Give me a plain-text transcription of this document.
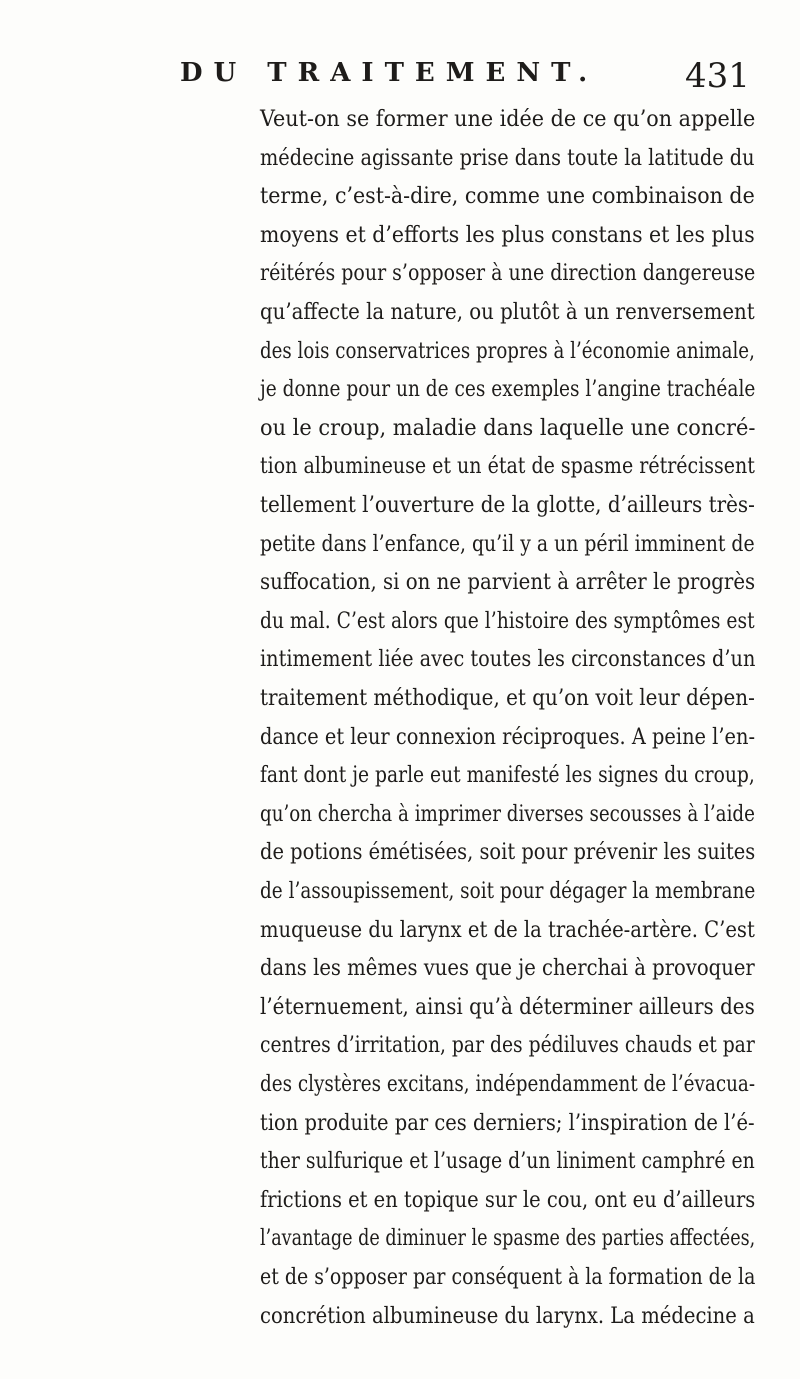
DU TRAITEMENT.	431
Veut-on se former une idée de ce qu’on appelle
médecine agissante prise dans toute la latitude du
terme, c’est-à-dire, comme une combinaison de
moyens et d’efforts les plus constans et les plus
réitérés pour s’opposer à une direction dangereuse
qu’affecte la nature, ou plutôt à un renversement
des lois conservatrices propres à l’économie animale,
je donne pour un de ces exemples l’angine trachéale
ou le croup, maladie dans laquelle une concré-
tion albumineuse et un état de spasme rétrécissent
tellement l’ouverture de la glotte, d’ailleurs très-
petite dans l’enfance, qu’il y a un péril imminent de
suffocation, si on ne parvient à arrêter le progrès
du mal. C’est alors que l’histoire des symptômes est
intimement liée avec toutes les circonstances d’un
traitement méthodique, et qu’on voit leur dépen-
dance et leur connexion réciproques. A peine l’en-
fant dont je parle eut manifesté les signes du croup,
qu’on chercha à imprimer diverses secousses à l’aide
de potions émétisées, soit pour prévenir les suites
de l’assoupissement, soit pour dégager la membrane
muqueuse du larynx et de la trachée-artère. C’est
dans les mêmes vues que je cherchai à provoquer
l’éternuement, ainsi qu’à déterminer ailleurs des
centres d’irritation, par des pédiluves chauds et par
des clystères excitans, indépendamment de l’évacua-
tion produite par ces derniers; l’inspiration de l’é-
ther sulfurique et l’usage d’un liniment camphré en
frictions et en topique sur le cou, ont eu d’ailleurs
l’avantage de diminuer le spasme des parties affectées,
et de s’opposer par conséquent à la formation de la
concrétion albumineuse du larynx. La médecine a
